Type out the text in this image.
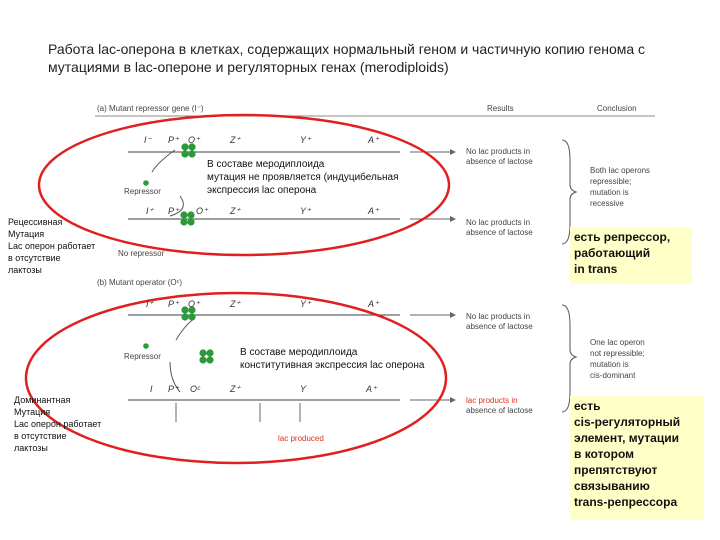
Работа lac-оперона в клетках, содержащих нормальный геном и частичную копию генома с мутациями в lac-опероне и регуляторных генах (merodiploids)
(a) Mutant repressor gene (I⁻)	Results	Conclusion
I⁻ P⁺ O⁺	Z⁺	Y⁺	A⁺
Repressor
В составе меродиплоида
мутация не проявляется (индуцибельная
экспрессия lac оперона
I⁺ P⁺ O⁺ Z⁺	Y⁺	A⁺
No repressor
No lac products in
absence of lactose
No lac products in
absence of lactose
Both lac operons
repressible;
mutation is
recessive
Рецессивная
Мутация
Lac оперон работает
в отсутствие
лактозы
есть репрессор,
работающий
in trans
(b) Mutant operator (Oᶜ)
I⁺ P⁺ O⁺	Z⁺	Y⁺	A⁺
Repressor	В составе меродиплоида
конститутивная экспрессия lac оперона
I P⁺ Oᶜ	Z⁺	Y	A⁺
No lac products in
absence of lactose
lac products in
absence of lactose
lac produced
One lac operon
not repressible;
mutation is
cis-dominant
Доминантная
Мутация
Lac оперон работает
в отсутствие
лактозы
есть
cis-регуляторный
элемент, мутации
в котором
препятствуют
связыванию
trans-репрессора
